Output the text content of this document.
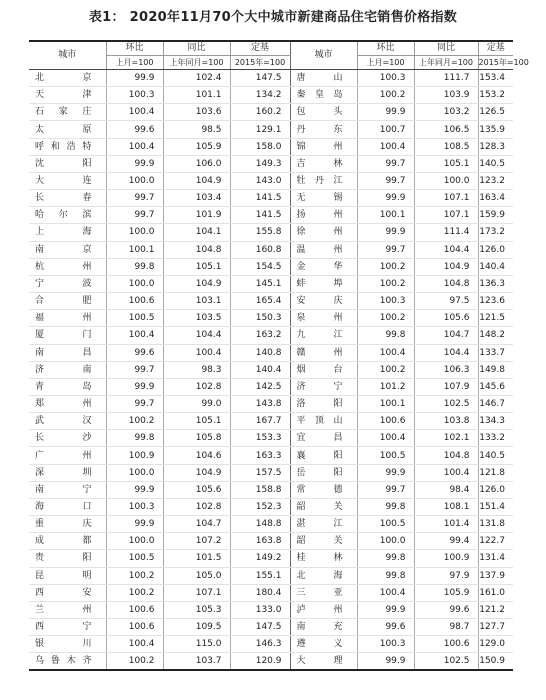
表1： 2020年11月70个大中城市新建商品住宅销售价格指数
城市	环比	同比	定基	城市	环比	同比	定基
	上月=100	上年同月=100	2015年=100		上月=100	上年同月=100	2015年=100
北 京	99.9	102.4	147.5	唐 山	100.3	111.7	153.4
天 津	100.3	101.1	134.2	秦皇岛	100.2	103.9	153.2
石家庄	100.4	103.6	160.2	包 头	99.9	103.2	126.5
太 原	99.6	98.5	129.1	丹 东	100.7	106.5	135.9
呼和浩特	100.4	105.9	158.0	锦 州	100.4	108.5	128.3
沈 阳	99.9	106.0	149.3	吉 林	99.7	105.1	140.5
大 连	100.0	104.9	143.0	牡丹江	99.7	100.0	123.2
长 春	99.7	103.4	141.5	无 锡	99.9	107.1	163.4
哈尔滨	99.7	101.9	141.5	扬 州	100.1	107.1	159.9
上 海	100.0	104.1	155.8	徐 州	99.9	111.4	173.2
南 京	100.1	104.8	160.8	温 州	99.7	104.4	126.0
杭 州	99.8	105.1	154.5	金 华	100.2	104.9	140.4
宁 波	100.0	104.9	145.1	蚌 埠	100.2	104.8	136.3
合 肥	100.6	103.1	165.4	安 庆	100.3	97.5	123.6
福 州	100.5	103.5	150.3	泉 州	100.2	105.6	121.5
厦 门	100.4	104.4	163.2	九 江	99.8	104.7	148.2
南 昌	99.6	100.4	140.8	赣 州	100.4	104.4	133.7
济 南	99.7	98.3	140.4	烟 台	100.2	106.3	149.8
青 岛	99.9	102.8	142.5	济 宁	101.2	107.9	145.6
郑 州	99.7	99.0	143.8	洛 阳	100.1	102.5	146.7
武 汉	100.2	105.1	167.7	平顶山	100.6	103.8	134.3
长 沙	99.8	105.8	153.3	宜 昌	100.4	102.1	133.2
广 州	100.9	104.6	163.3	襄 阳	100.5	104.8	140.5
深 圳	100.0	104.9	157.5	岳 阳	99.9	100.4	121.8
南 宁	99.9	105.6	158.8	常 德	99.7	98.4	126.0
海 口	100.3	102.8	152.3	韶 关	99.8	108.1	151.4
重 庆	99.9	104.7	148.8	湛 江	100.5	101.4	131.8
成 都	100.0	107.2	163.8	韶 关	100.0	99.4	122.7
贵 阳	100.5	101.5	149.2	桂 林	99.8	100.9	131.4
昆 明	100.2	105.0	155.1	北 海	99.8	97.9	137.9
西 安	100.2	107.1	180.4	三 亚	100.4	105.9	161.0
兰 州	100.6	105.3	133.0	泸 州	99.9	99.6	121.2
西 宁	100.6	109.5	147.5	南 充	99.6	98.7	127.7
银 川	100.4	115.0	146.3	遵 义	100.3	100.6	129.0
乌鲁木齐	100.2	103.7	120.9	大 理	99.9	102.5	150.9
